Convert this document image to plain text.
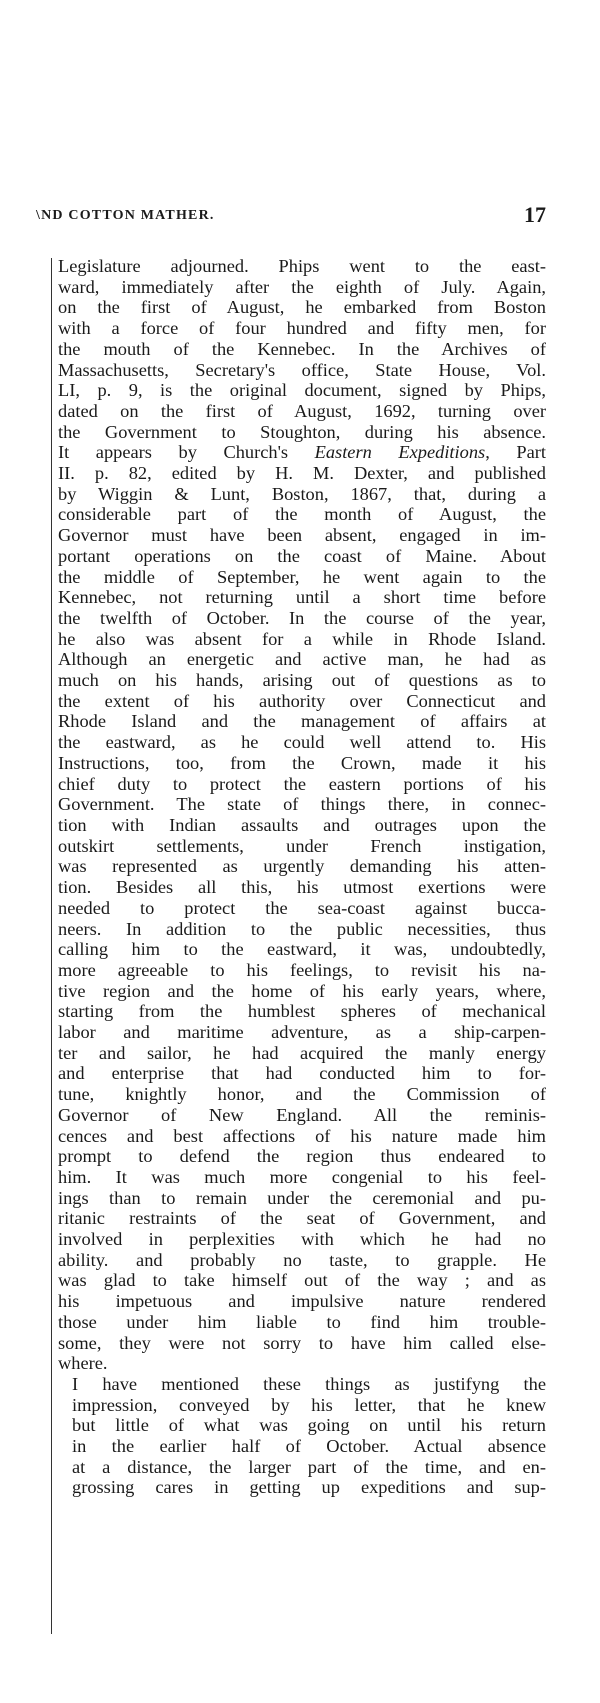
\ND COTTON MATHER.	17
Legislature adjourned. Phips went to the east-
ward, immediately after the eighth of July. Again,
on the first of August, he embarked from Boston
with a force of four hundred and fifty men, for
the mouth of the Kennebec. In the Archives of
Massachusetts, Secretary's office, State House, Vol.
LI, p. 9, is the original document, signed by Phips,
dated on the first of August, 1692, turning over
the Government to Stoughton, during his absence.
It appears by Church's Eastern Expeditions, Part
II. p. 82, edited by H. M. Dexter, and published
by Wiggin & Lunt, Boston, 1867, that, during a
considerable part of the month of August, the
Governor must have been absent, engaged in im-
portant operations on the coast of Maine. About
the middle of September, he went again to the
Kennebec, not returning until a short time before
the twelfth of October. In the course of the year,
he also was absent for a while in Rhode Island.
Although an energetic and active man, he had as
much on his hands, arising out of questions as to
the extent of his authority over Connecticut and
Rhode Island and the management of affairs at
the eastward, as he could well attend to. His
Instructions, too, from the Crown, made it his
chief duty to protect the eastern portions of his
Government. The state of things there, in connec-
tion with Indian assaults and outrages upon the
outskirt settlements, under French instigation,
was represented as urgently demanding his atten-
tion. Besides all this, his utmost exertions were
needed to protect the sea-coast against bucca-
neers. In addition to the public necessities, thus
calling him to the eastward, it was, undoubtedly,
more agreeable to his feelings, to revisit his na-
tive region and the home of his early years, where,
starting from the humblest spheres of mechanical
labor and maritime adventure, as a ship-carpen-
ter and sailor, he had acquired the manly energy
and enterprise that had conducted him to for-
tune, knightly honor, and the Commission of
Governor of New England. All the reminis-
cences and best affections of his nature made him
prompt to defend the region thus endeared to
him. It was much more congenial to his feel-
ings than to remain under the ceremonial and pu-
ritanic restraints of the seat of Government, and
involved in perplexities with which he had no
ability. and probably no taste, to grapple. He
was glad to take himself out of the way ; and as
his impetuous and impulsive nature rendered
those under him liable to find him trouble-
some, they were not sorry to have him called else-
where.
I have mentioned these things as justifyng the
impression, conveyed by his letter, that he knew
but little of what was going on until his return
in the earlier half of October. Actual absence
at a distance, the larger part of the time, and en-
grossing cares in getting up expeditions and sup-
